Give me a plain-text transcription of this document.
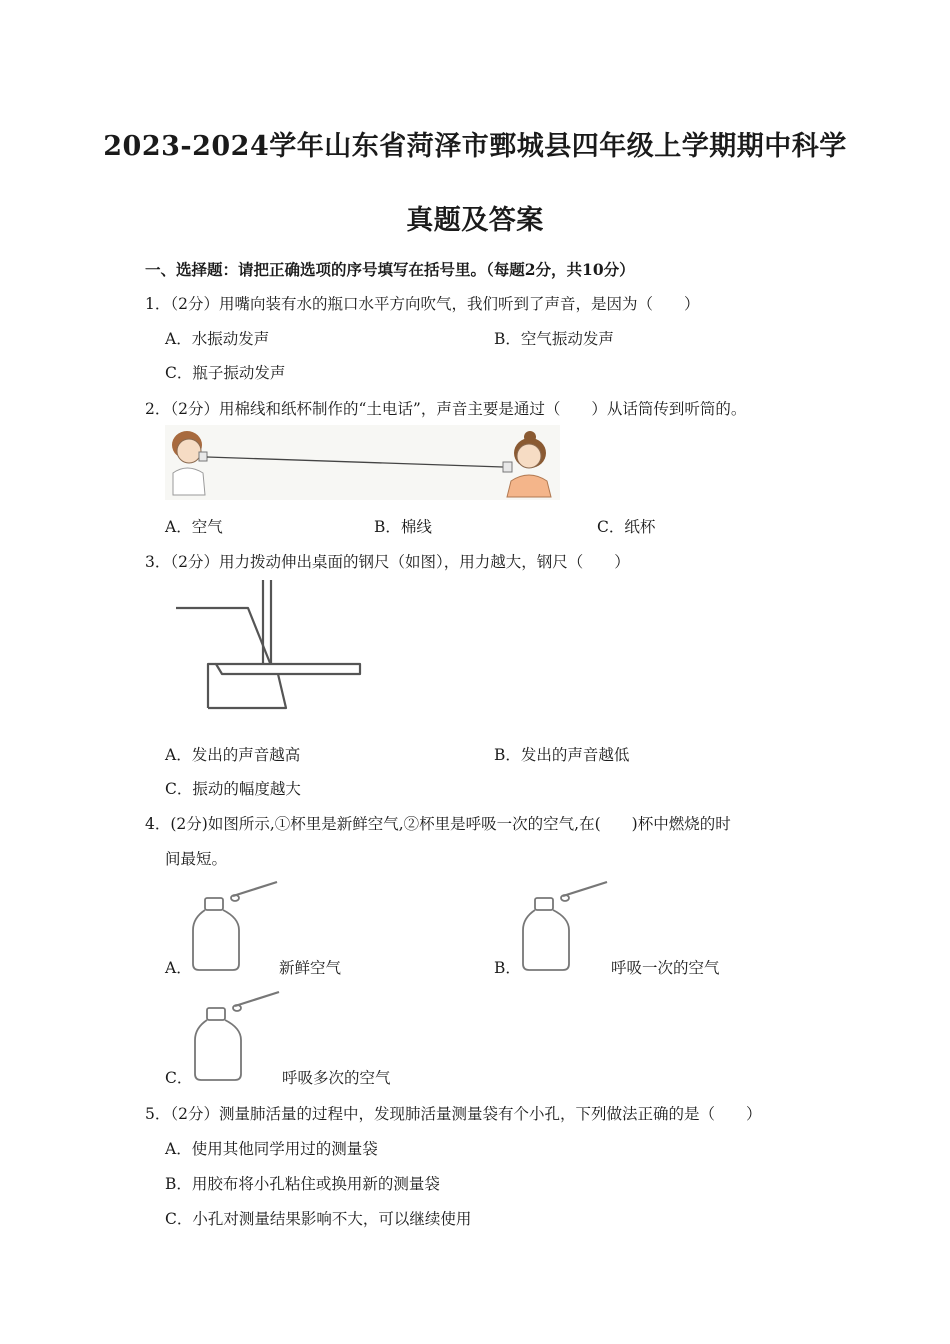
2023-2024学年山东省菏泽市鄄城县四年级上学期期中科学
真题及答案
一、选择题：请把正确选项的序号填写在括号里。（每题2分，共10分）
1．（2分）用嘴向装有水的瓶口水平方向吹气，我们听到了声音，是因为（　　）
A．水振动发声	B．空气振动发声
C．瓶子振动发声
2．（2分）用棉线和纸杯制作的“土电话”，声音主要是通过（　　）从话筒传到听筒的。
A．空气	B．棉线	C．纸杯
3．（2分）用力拨动伸出桌面的钢尺（如图），用力越大，钢尺（　　）
A．发出的声音越高	B．发出的声音越低
C．振动的幅度越大
4．(2分)如图所示,①杯里是新鲜空气,②杯里是呼吸一次的空气,在(　　)杯中燃烧的时
间最短。
A．	新鲜空气	B．	呼吸一次的空气
C．	呼吸多次的空气
5．（2分）测量肺活量的过程中，发现肺活量测量袋有个小孔，下列做法正确的是（　　）
A．使用其他同学用过的测量袋
B．用胶布将小孔粘住或换用新的测量袋
C．小孔对测量结果影响不大，可以继续使用
